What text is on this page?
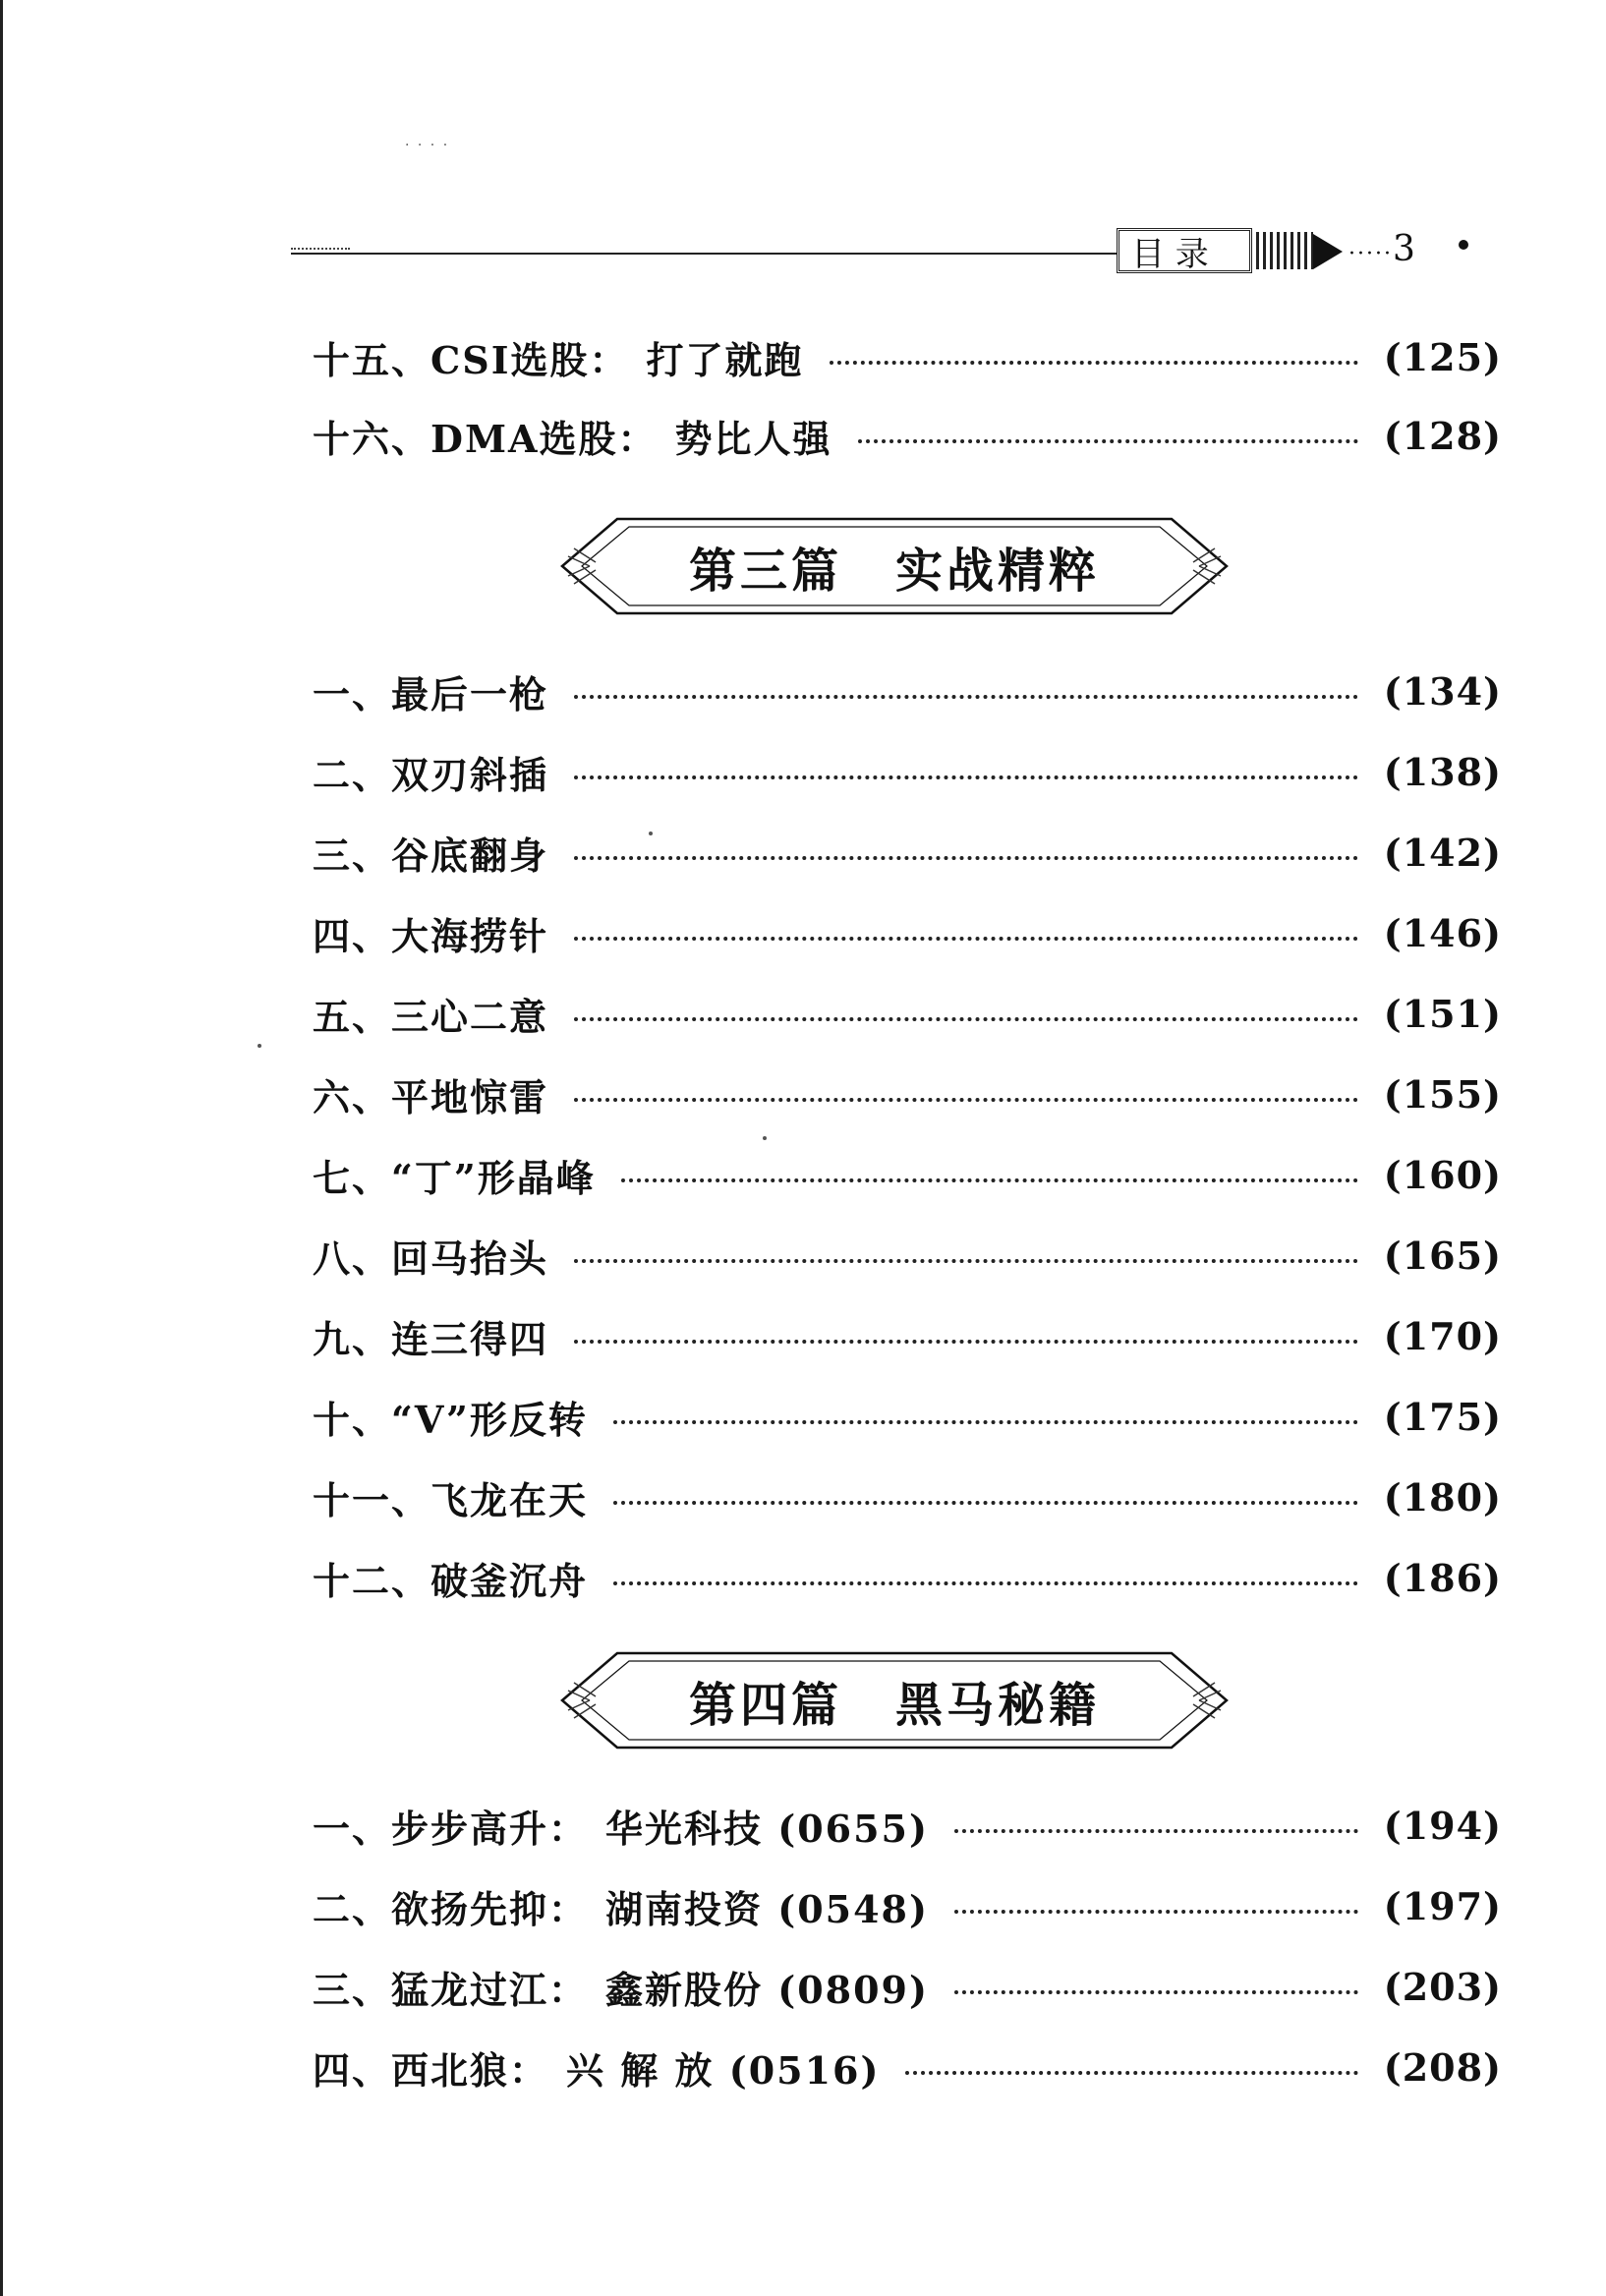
· · · ·
目 录	·····3
十五、CSI选股： 打了就跑	(125)
十六、DMA选股： 势比人强	(128)
第三篇 实战精粹
一、最后一枪	(134)
二、双刃斜插	(138)
三、谷底翻身	(142)
四、大海捞针	(146)
五、三心二意	(151)
六、平地惊雷	(155)
七、“丁”形晶峰	(160)
八、回马抬头	(165)
九、连三得四	(170)
十、“V”形反转	(175)
十一、飞龙在天	(180)
十二、破釜沉舟	(186)
第四篇 黑马秘籍
一、步步高升： 华光科技 (0655)	(194)
二、欲扬先抑： 湖南投资 (0548)	(197)
三、猛龙过江： 鑫新股份 (0809)	(203)
四、西北狼： 兴 解 放 (0516)	(208)
